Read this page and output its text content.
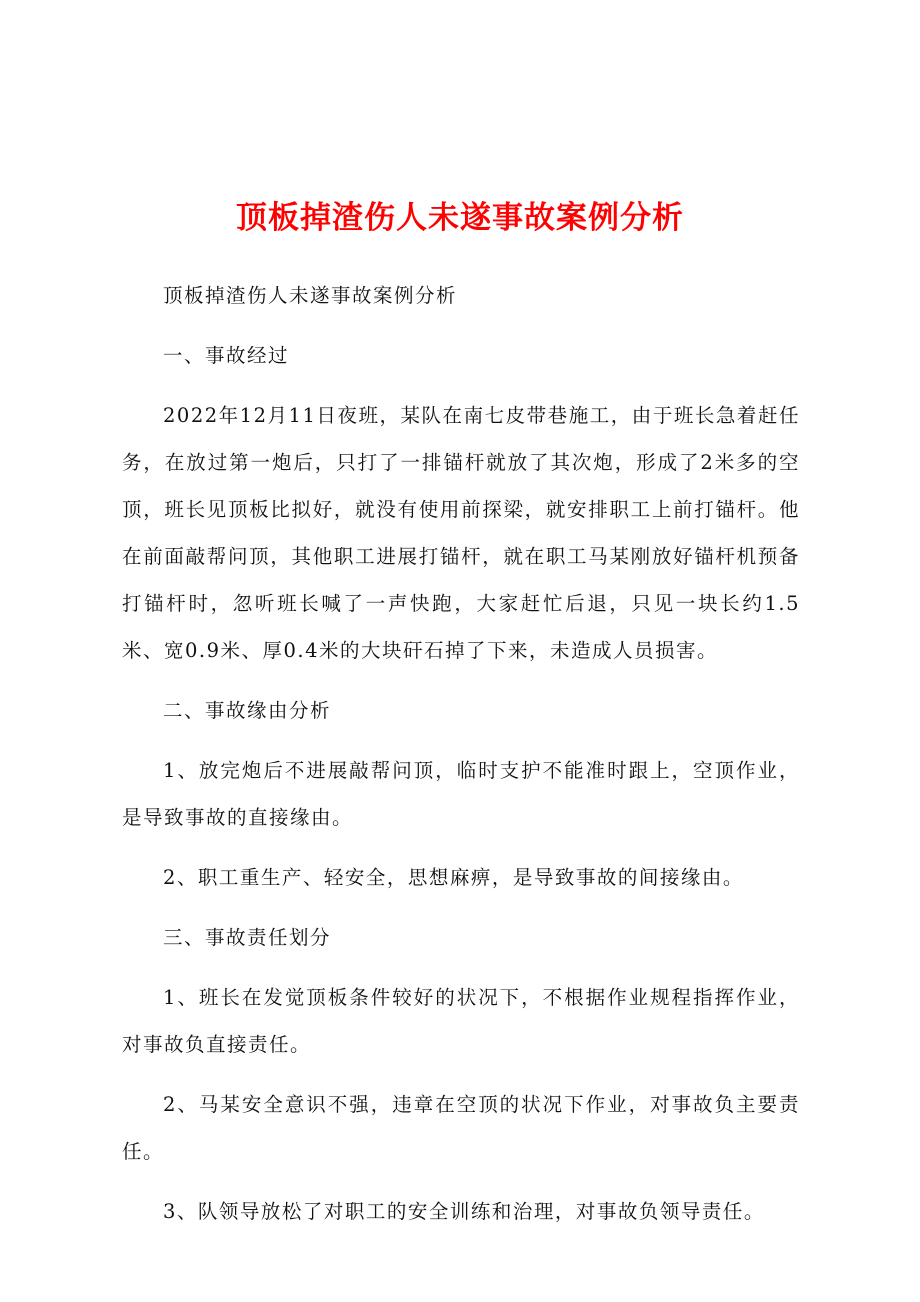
顶板掉渣伤人未遂事故案例分析

顶板掉渣伤人未遂事故案例分析

一、事故经过

2022年12月11日夜班，某队在南七皮带巷施工，由于班长急着赶任务，在放过第一炮后，只打了一排锚杆就放了其次炮，形成了2米多的空顶，班长见顶板比拟好，就没有使用前探梁，就安排职工上前打锚杆。他在前面敲帮问顶，其他职工进展打锚杆，就在职工马某刚放好锚杆机预备打锚杆时，忽听班长喊了一声快跑，大家赶忙后退，只见一块长约1.5米、宽0.9米、厚0.4米的大块矸石掉了下来，未造成人员损害。

二、事故缘由分析

1、放完炮后不进展敲帮问顶，临时支护不能准时跟上，空顶作业，是导致事故的直接缘由。

2、职工重生产、轻安全，思想麻痹，是导致事故的间接缘由。

三、事故责任划分

1、班长在发觉顶板条件较好的状况下，不根据作业规程指挥作业，对事故负直接责任。

2、马某安全意识不强，违章在空顶的状况下作业，对事故负主要责任。

3、队领导放松了对职工的安全训练和治理，对事故负领导责任。
